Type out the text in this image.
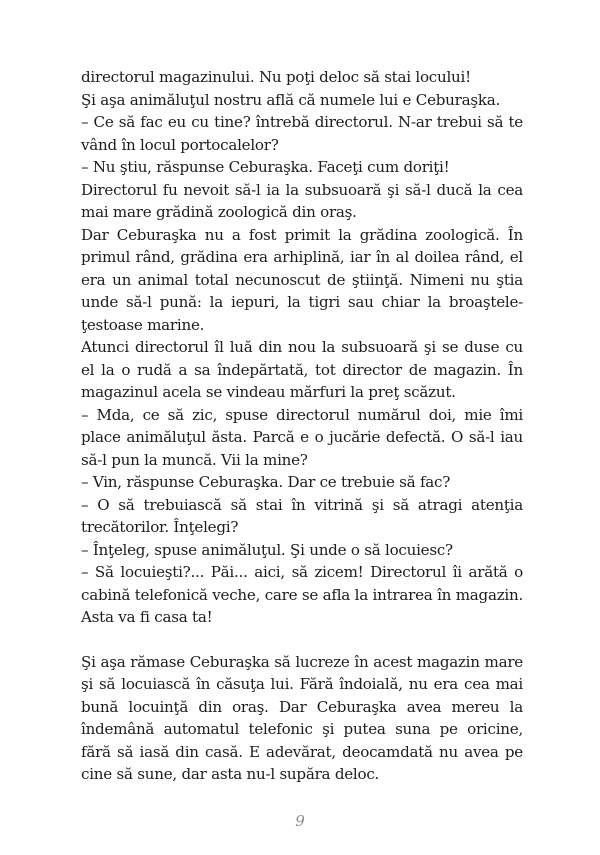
directorul magazinului. Nu poţi deloc să stai locului!

Şi aşa animăluţul nostru află că numele lui e Ceburaşka.

– Ce să fac eu cu tine? întrebă directorul. N-ar trebui să te vând în locul portocalelor?

– Nu ştiu, răspunse Ceburaşka. Faceţi cum doriţi!

Directorul fu nevoit să-l ia la subsuoară şi să-l ducă la cea mai mare grădină zoologică din oraş.

Dar Ceburaşka nu a fost primit la grădina zoologică. În primul rând, grădina era arhiplină, iar în al doilea rând, el era un animal total necunoscut de ştiinţă. Nimeni nu ştia unde să-l pună: la iepuri, la tigri sau chiar la broaştele-ţestoase marine.

Atunci directorul îl luă din nou la subsuoară şi se duse cu el la o rudă a sa îndepărtată, tot director de magazin. În magazinul acela se vindeau mărfuri la preţ scăzut.

– Mda, ce să zic, spuse directorul numărul doi, mie îmi place animăluţul ăsta. Parcă e o jucărie defectă. O să-l iau să-l pun la muncă. Vii la mine?

– Vin, răspunse Ceburaşka. Dar ce trebuie să fac?

– O să trebuiască să stai în vitrină şi să atragi atenţia trecătorilor. Înţelegi?

– Înţeleg, spuse animăluţul. Şi unde o să locuiesc?

– Să locuieşti?... Păi... aici, să zicem! Directorul îi arătă o cabină telefonică veche, care se afla la intrarea în magazin. Asta va fi casa ta!

Şi aşa rămase Ceburaşka să lucreze în acest magazin mare şi să locuiască în căsuţa lui. Fără îndoială, nu era cea mai bună locuinţă din oraş. Dar Ceburaşka avea mereu la îndemână automatul telefonic şi putea suna pe oricine, fără să iasă din casă. E adevărat, deocamdată nu avea pe cine să sune, dar asta nu-l supăra deloc.

9
